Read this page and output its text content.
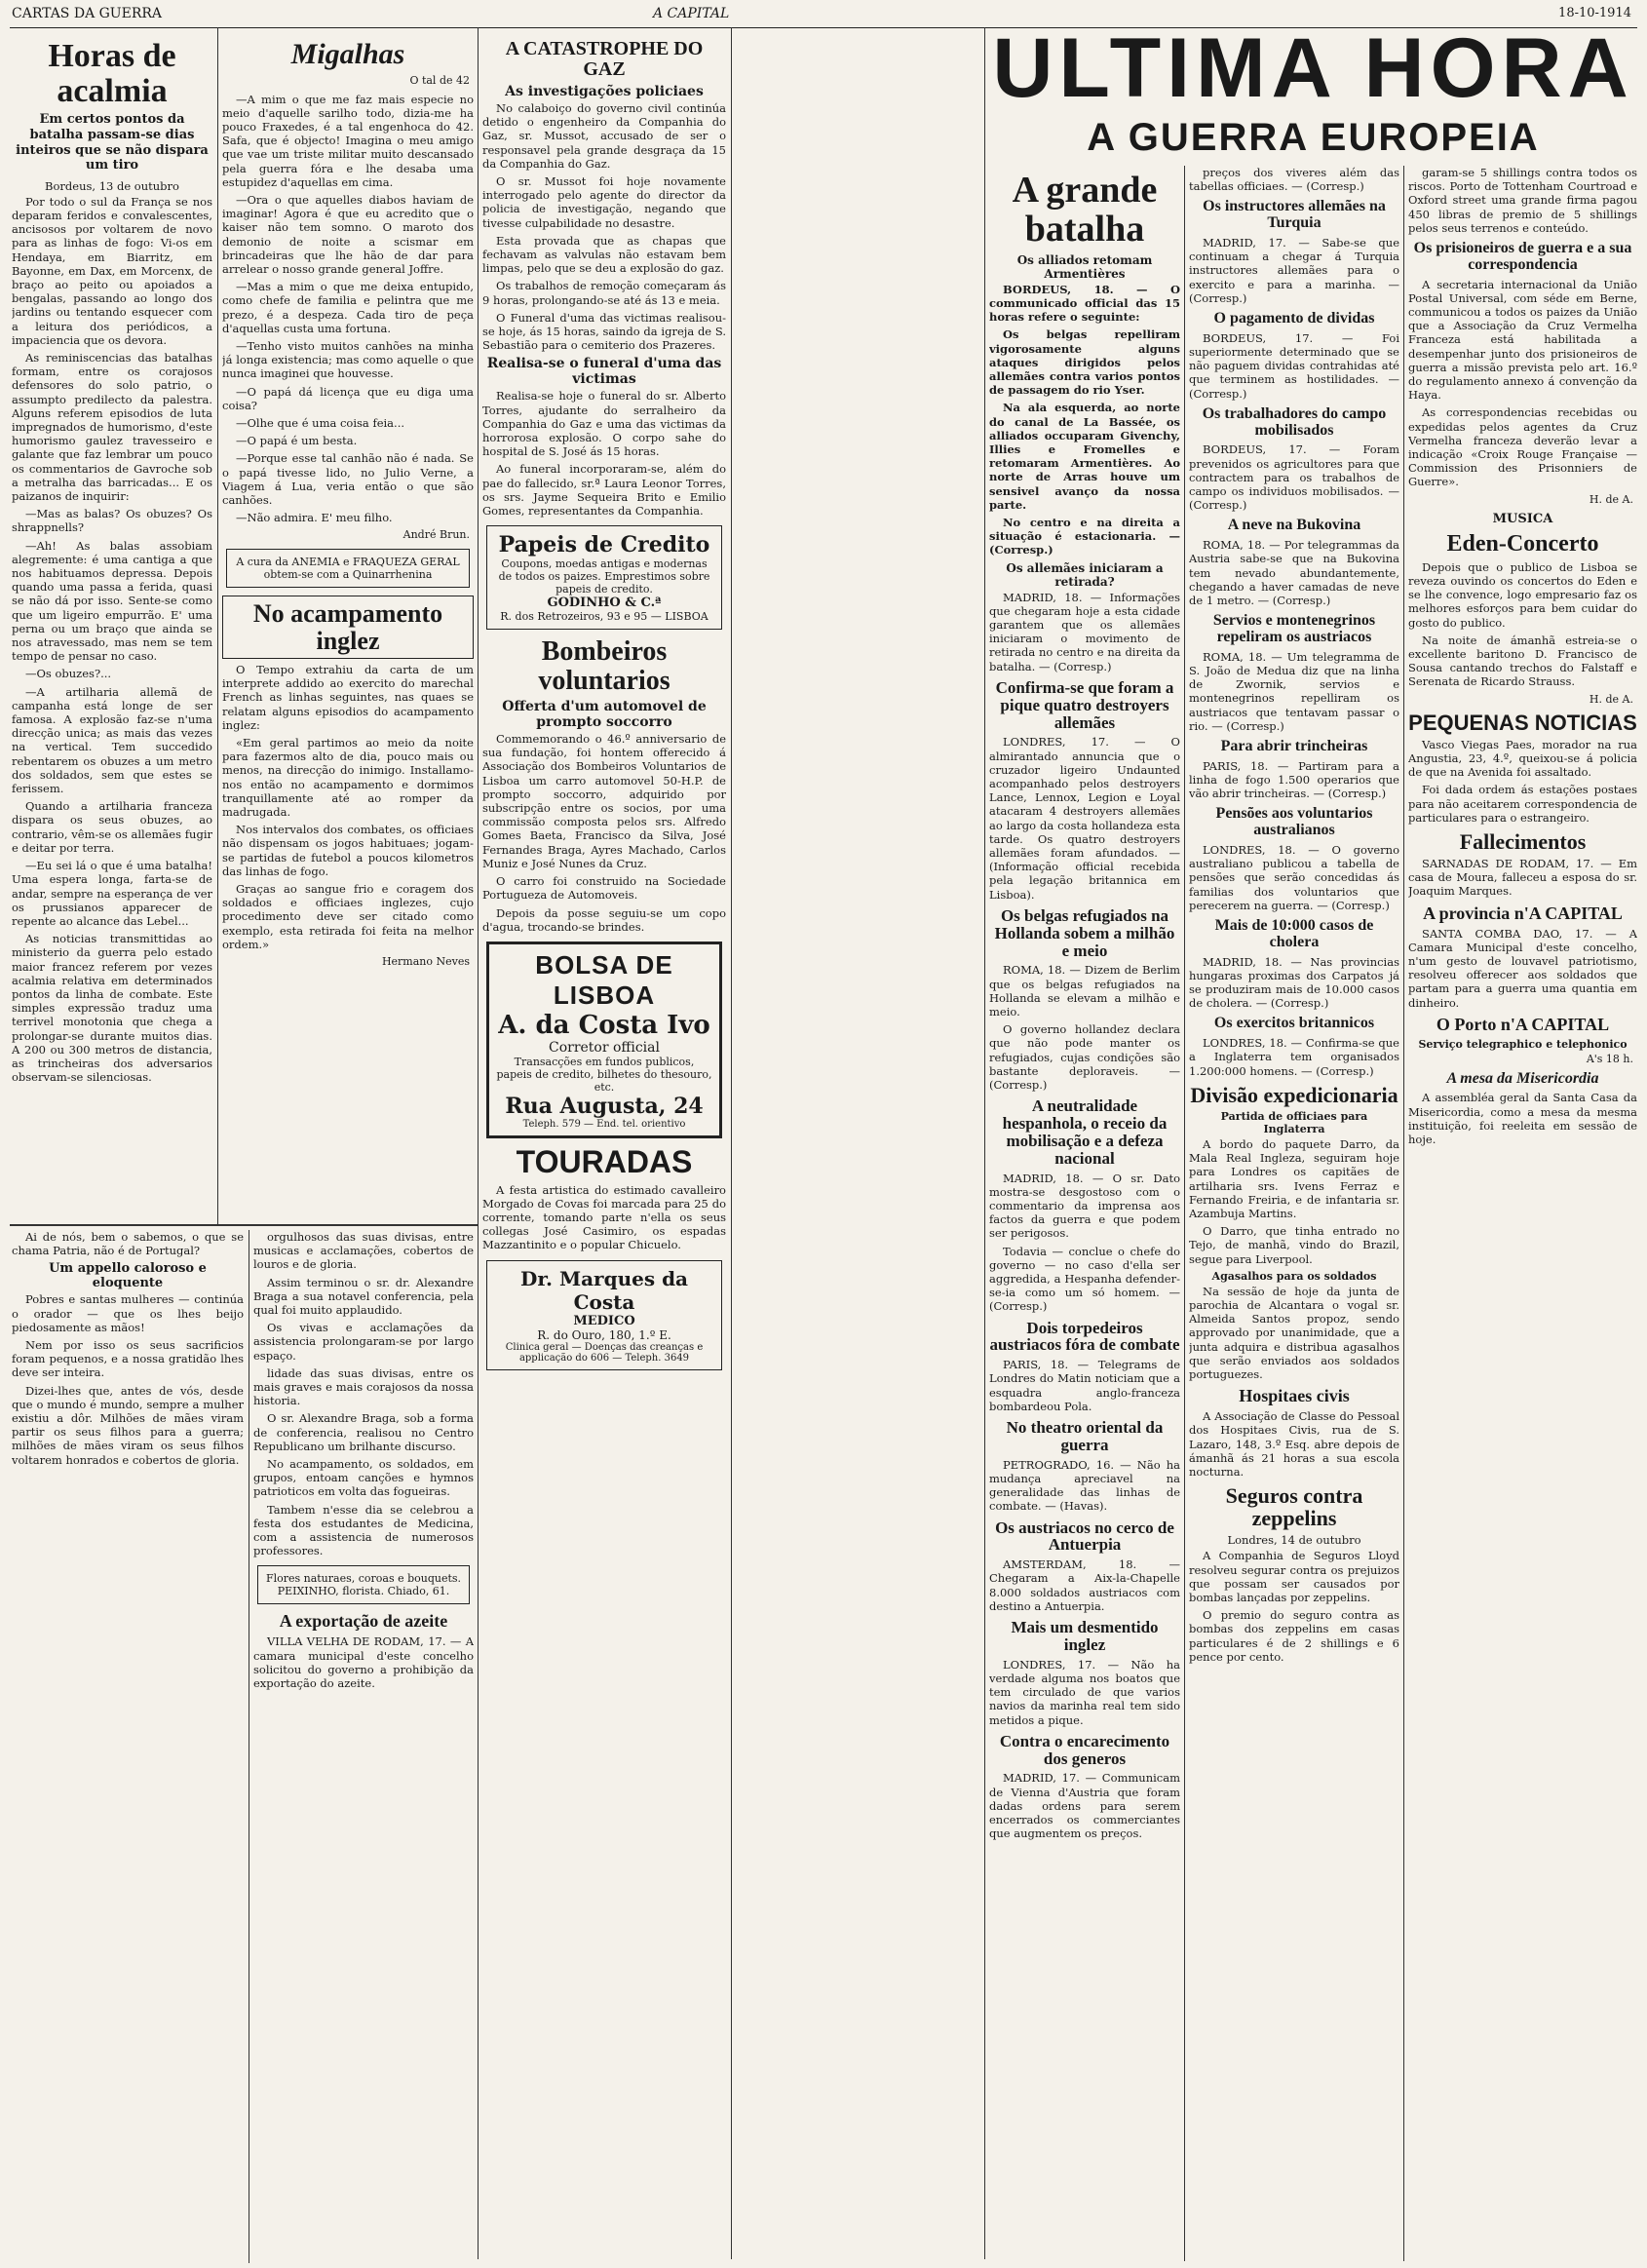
CARTAS DA GUERRA	A CAPITAL	18-10-1914
Horas de acalmia
Em certos pontos da batalha passam-se dias inteiros que se não dispara um tiro
Bordeus, 13 de outubro

Por todo o sul da França se nos deparam feridos e convalescentes, ancisosos por voltarem de novo para as linhas de fogo: Vi-os em Hendaya, em Biarritz, em Bayonne, em Dax, em Morcenx, de braço ao peito ou apoiados a bengalas, passando ao longo dos jardins ou tentando esquecer com a leitura dos periódicos, a impaciencia que os devora.

As reminiscencias das batalhas formam, entre os corajosos defensores do solo patrio, o assumpto predilecto da palestra. Alguns referem episodios de luta impregnados de humorismo, d'este humorismo gaulez travesseiro e galante que faz lembrar um pouco os commentarios de Gavroche sob a metralha das barricadas... E os paizanos de inquirir:

—Mas as balas? Os obuzes? Os shrappnells?

—Ah! As balas assobiam alegremente: é uma cantiga a que nos habituamos depressa. Depois quando uma passa a ferida, quasi se não dá por isso. Sente-se como que um ligeiro empurrão. E' uma perna ou um braço que ainda se nos atravessado, mas nem se tem tempo de pensar no caso.

—Os obuzes?...

—A artilharia allemã de campanha está longe de ser famosa. A explosão faz-se n'uma direcção unica; as mais das vezes na vertical. Tem succedido rebentarem os obuzes a um metro dos soldados, sem que estes se ferissem.

Quando a artilharia franceza dispara os seus obuzes, ao contrario, vêm-se os allemães fugir e deitar por terra.

—Eu sei lá o que é uma batalha! Uma espera longa, farta-se de andar, sempre na esperança de ver os prussianos apparecer de repente ao alcance das Lebel...

As noticias transmittidas ao ministerio da guerra pelo estado maior francez referem por vezes acalmia relativa em determinados pontos da linha de combate. Este simples expressão traduz uma terrivel monotonia que chega a prolongar-se durante muitos dias. A 200 ou 300 metros de distancia, as trincheiras dos adversarios observam-se silenciosas.

Migalhas
O tal de 42

—A mim o que me faz mais especie no meio d'aquelle sarilho todo, dizia-me ha pouco Fraxedes, é a tal engenhoca do 42. Safa, que é objecto! Imagina o meu amigo que vae um triste militar muito descansado pela guerra fóra e lhe desaba uma estupidez d'aquellas em cima.

—Ora o que aquelles diabos haviam de imaginar! Agora é que eu acredito que o kaiser não tem somno. O maroto dos demonio de noite a scismar em brincadeiras que lhe hão de dar para arrelear o nosso grande general Joffre.

—Mas a mim o que me deixa entupido, como chefe de familia e pelintra que me prezo, é a despeza. Cada tiro de peça d'aquellas custa uma fortuna.

—Tenho visto muitos canhões na minha já longa existencia; mas como aquelle o que nunca imaginei que houvesse.

—O papá dá licença que eu diga uma coisa?

—Olhe que é uma coisa feia...

—O papá é um besta.

—Porque esse tal canhão não é nada. Se o papá tivesse lido, no Julio Verne, a Viagem á Lua, veria então o que são canhões.

—Não admira. E' meu filho.

André Brun.
A cura da ANEMIA e FRAQUEZA GERAL obtem-se com a Quinarrhenina
No acampamento inglez

O Tempo extrahiu da carta de um interprete addido ao exercito do marechal French as linhas seguintes, nas quaes se relatam alguns episodios do acampamento inglez:

«Em geral partimos ao meio da noite para fazermos alto de dia, pouco mais ou menos, na direcção do inimigo. Installamo-nos então no acampamento e dormimos tranquillamente até ao romper da madrugada.

Nos intervalos dos combates, os officiaes não dispensam os jogos habituaes; jogam-se partidas de futebol a poucos kilometros das linhas de fogo.

Graças ao sangue frio e coragem dos soldados e officiaes inglezes, cujo procedimento deve ser citado como exemplo, esta retirada foi feita na melhor ordem.»

Hermano Neves
A CATASTROPHE DO GAZ
As investigações policiaes

No calaboiço do governo civil continúa detido o engenheiro da Companhia do Gaz, sr. Mussot, accusado de ser o responsavel pela grande desgraça da 15 da Companhia do Gaz.

O sr. Mussot foi hoje novamente interrogado pelo agente do director da policia de investigação, negando que tivesse culpabilidade no desastre.

Esta provada que as chapas que fechavam as valvulas não estavam bem limpas, pelo que se deu a explosão do gaz.

Os trabalhos de remoção começaram ás 9 horas, prolongando-se até ás 13 e meia.

O Funeral d'uma das victimas realisou-se hoje, ás 15 horas, saindo da igreja de S. Sebastião para o cemiterio dos Prazeres.

Realisa-se o funeral d'uma das victimas

Realisa-se hoje o funeral do sr. Alberto Torres, ajudante do serralheiro da Companhia do Gaz e uma das victimas da horrorosa explosão. O corpo sahe do hospital de S. José ás 15 horas.

Ao funeral incorporaram-se, além do pae do fallecido, sr.ª Laura Leonor Torres, os srs. Jayme Sequeira Brito e Emilio Gomes, representantes da Companhia.

Papeis de Credito
Coupons, moedas antigas e modernas de todos os paizes. Emprestimos sobre papeis de credito.
GODINHO & C.ª
R. dos Retrozeiros, 93 e 95 — LISBOA
Bombeiros voluntarios
Offerta d'um automovel de prompto soccorro

Commemorando o 46.º anniversario de sua fundação, foi hontem offerecido á Associação dos Bombeiros Voluntarios de Lisboa um carro automovel 50-H.P. de prompto soccorro, adquirido por subscripção entre os socios, por uma commissão composta pelos srs. Alfredo Gomes Baeta, Francisco da Silva, José Fernandes Braga, Ayres Machado, Carlos Muniz e José Nunes da Cruz.

O carro foi construido na Sociedade Portugueza de Automoveis.

Depois da posse seguiu-se um copo d'agua, trocando-se brindes.

BOLSA DE LISBOA
A. da Costa Ivo
Corretor official
Transacções em fundos publicos, papeis de credito, bilhetes do thesouro, etc.
Rua Augusta, 24
Teleph. 579 — End. tel. orientivo
TOURADAS

A festa artistica do estimado cavalleiro Morgado de Covas foi marcada para 25 do corrente, tomando parte n'ella os seus collegas José Casimiro, os espadas Mazzantinito e o popular Chicuelo.

Dr. Marques da Costa
MEDICO
R. do Ouro, 180, 1.º E.
Clinica geral — Doenças das creanças e applicação do 606 — Teleph. 3649
ULTIMA HORA
A GUERRA EUROPEIA
A grande batalha
Os alliados retomam Armentières

BORDEUS, 18. — O communicado official das 15 horas refere o seguinte:

Os belgas repelliram vigorosamente alguns ataques dirigidos pelos allemães contra varios pontos de passagem do rio Yser.

Na ala esquerda, ao norte do canal de La Bassée, os alliados occuparam Givenchy, Illies e Fromelles e retomaram Armentières. Ao norte de Arras houve um sensivel avanço da nossa parte.

No centro e na direita a situação é estacionaria. — (Corresp.)

Os allemães iniciaram a retirada?

MADRID, 18. — Informações que chegaram hoje a esta cidade garantem que os allemães iniciaram o movimento de retirada no centro e na direita da batalha. — (Corresp.)

Confirma-se que foram a pique quatro destroyers allemães

LONDRES, 17. — O almirantado annuncia que o cruzador ligeiro Undaunted acompanhado pelos destroyers Lance, Lennox, Legion e Loyal atacaram 4 destroyers allemães ao largo da costa hollandeza esta tarde. Os quatro destroyers allemães foram afundados. — (Informação official recebida pela legação britannica em Lisboa).

Os belgas refugiados na Hollanda sobem a milhão e meio

ROMA, 18. — Dizem de Berlim que os belgas refugiados na Hollanda se elevam a milhão e meio.

O governo hollandez declara que não pode manter os refugiados, cujas condições são bastante deploraveis. — (Corresp.)

A neutralidade hespanhola, o receio da mobilisação e a defeza nacional

MADRID, 18. — O sr. Dato mostra-se desgostoso com o commentario da imprensa aos factos da guerra e que podem ser perigosos.

Todavia — conclue o chefe do governo — no caso d'ella ser aggredida, a Hespanha defender-se-ia como um só homem. — (Corresp.)

Dois torpedeiros austriacos fóra de combate

PARIS, 18. — Telegrams de Londres do Matin noticiam que a esquadra anglo-franceza bombardeou Pola.

No theatro oriental da guerra

PETROGRADO, 16. — Não ha mudança apreciavel na generalidade das linhas de combate. — (Havas).

Os austriacos no cerco de Antuerpia

AMSTERDAM, 18. — Chegaram a Aix-la-Chapelle 8.000 soldados austriacos com destino a Antuerpia.

Mais um desmentido inglez

LONDRES, 17. — Não ha verdade alguma nos boatos que tem circulado de que varios navios da marinha real tem sido metidos a pique.

Contra o encarecimento dos generos

MADRID, 17. — Communicam de Vienna d'Austria que foram dadas ordens para serem encerrados os commerciantes que augmentem os preços.

preços dos viveres além das tabellas officiaes. — (Corresp.)

Os instructores allemães na Turquia

MADRID, 17. — Sabe-se que continuam a chegar á Turquia instructores allemães para o exercito e para a marinha. — (Corresp.)

O pagamento de dividas

BORDEUS, 17. — Foi superiormente determinado que se não paguem dividas contrahidas até que terminem as hostilidades. — (Corresp.)

Os trabalhadores do campo mobilisados

BORDEUS, 17. — Foram prevenidos os agricultores para que contractem para os trabalhos de campo os individuos mobilisados. — (Corresp.)

A neve na Bukovina

ROMA, 18. — Por telegrammas da Austria sabe-se que na Bukovina tem nevado abundantemente, chegando a haver camadas de neve de 1 metro. — (Corresp.)

Servios e montenegrinos repeliram os austriacos

ROMA, 18. — Um telegramma de S. João de Medua diz que na linha de Zwornik, servios e montenegrinos repelliram os austriacos que tentavam passar o rio. — (Corresp.)

Para abrir trincheiras

PARIS, 18. — Partiram para a linha de fogo 1.500 operarios que vão abrir trincheiras. — (Corresp.)

Pensões aos voluntarios australianos

LONDRES, 18. — O governo australiano publicou a tabella de pensões que serão concedidas ás familias dos voluntarios que perecerem na guerra. — (Corresp.)

Mais de 10:000 casos de cholera

MADRID, 18. — Nas provincias hungaras proximas dos Carpatos já se produziram mais de 10.000 casos de cholera. — (Corresp.)

Os exercitos britannicos

LONDRES, 18. — Confirma-se que a Inglaterra tem organisados 1.200:000 homens. — (Corresp.)

Divisão expedicionaria
Partida de officiaes para Inglaterra

A bordo do paquete Darro, da Mala Real Ingleza, seguiram hoje para Londres os capitães de artilharia srs. Ivens Ferraz e Fernando Freiria, e de infantaria sr. Azambuja Martins.

O Darro, que tinha entrado no Tejo, de manhã, vindo do Brazil, segue para Liverpool.

Agasalhos para os soldados

Na sessão de hoje da junta de parochia de Alcantara o vogal sr. Almeida Santos propoz, sendo approvado por unanimidade, que a junta adquira e distribua agasalhos que serão enviados aos soldados portuguezes.

Hospitaes civis

A Associação de Classe do Pessoal dos Hospitaes Civis, rua de S. Lazaro, 148, 3.º Esq. abre depois de ámanhã ás 21 horas a sua escola nocturna.

Seguros contra zeppelins
Londres, 14 de outubro

A Companhia de Seguros Lloyd resolveu segurar contra os prejuizos que possam ser causados por bombas lançadas por zeppelins.

O premio do seguro contra as bombas dos zeppelins em casas particulares é de 2 shillings e 6 pence por cento.

garam-se 5 shillings contra todos os riscos. Porto de Tottenham Courtroad e Oxford street uma grande firma pagou 450 libras de premio de 5 shillings pelos seus terrenos e conteúdo.

Os prisioneiros de guerra e a sua correspondencia

A secretaria internacional da União Postal Universal, com séde em Berne, communicou a todos os paizes da União que a Associação da Cruz Vermelha Franceza está habilitada a desempenhar junto dos prisioneiros de guerra a missão prevista pelo art. 16.º do regulamento annexo á convenção da Haya.

As correspondencias recebidas ou expedidas pelos agentes da Cruz Vermelha franceza deverão levar a indicação «Croix Rouge Française — Commission des Prisonniers de Guerre».

H. de A.
MUSICA
Eden-Concerto

Depois que o publico de Lisboa se reveza ouvindo os concertos do Eden e se lhe convence, logo empresario faz os melhores esforços para bem cuidar do gosto do publico.

Na noite de ámanhã estreia-se o excellente baritono D. Francisco de Sousa cantando trechos do Falstaff e Serenata de Ricardo Strauss.

H. de A.
PEQUENAS NOTICIAS

Vasco Viegas Paes, morador na rua Angustia, 23, 4.º, queixou-se á policia de que na Avenida foi assaltado.

Foi dada ordem ás estações postaes para não aceitarem correspondencia de particulares para o estrangeiro.

Fallecimentos

SARNADAS DE RODAM, 17. — Em casa de Moura, falleceu a esposa do sr. Joaquim Marques.

A provincia n'A CAPITAL

SANTA COMBA DAO, 17. — A Camara Municipal d'este concelho, n'um gesto de louvavel patriotismo, resolveu offerecer aos soldados que partam para a guerra uma quantia em dinheiro.

O Porto n'A CAPITAL
Serviço telegraphico e telephonico
A's 18 h.
A mesa da Misericordia

A assembléa geral da Santa Casa da Misericordia, como a mesa da mesma instituição, foi reeleita em sessão de hoje.

Ai de nós, bem o sabemos, o que se chama Patria, não é de Portugal?

Um appello caloroso e eloquente

Pobres e santas mulheres — continúa o orador — que os lhes beijo piedosamente as mãos!

Nem por isso os seus sacrificios foram pequenos, e a nossa gratidão lhes deve ser inteira.

Dizei-lhes que, antes de vós, desde que o mundo é mundo, sempre a mulher existiu a dôr. Milhões de mães viram partir os seus filhos para a guerra; milhões de mães viram os seus filhos voltarem honrados e cobertos de gloria.

orgulhosos das suas divisas, entre musicas e acclamações, cobertos de louros e de gloria.

Assim terminou o sr. dr. Alexandre Braga a sua notavel conferencia, pela qual foi muito applaudido.

Os vivas e acclamações da assistencia prolongaram-se por largo espaço.

lidade das suas divisas, entre os mais graves e mais corajosos da nossa historia.

O sr. Alexandre Braga, sob a forma de conferencia, realisou no Centro Republicano um brilhante discurso.

No acampamento, os soldados, em grupos, entoam canções e hymnos patrioticos em volta das fogueiras.

Tambem n'esse dia se celebrou a festa dos estudantes de Medicina, com a assistencia de numerosos professores.

Flores naturaes, coroas e bouquets. PEIXINHO, florista. Chiado, 61.
A exportação de azeite

VILLA VELHA DE RODAM, 17. — A camara municipal d'este concelho solicitou do governo a prohibição da exportação do azeite.
